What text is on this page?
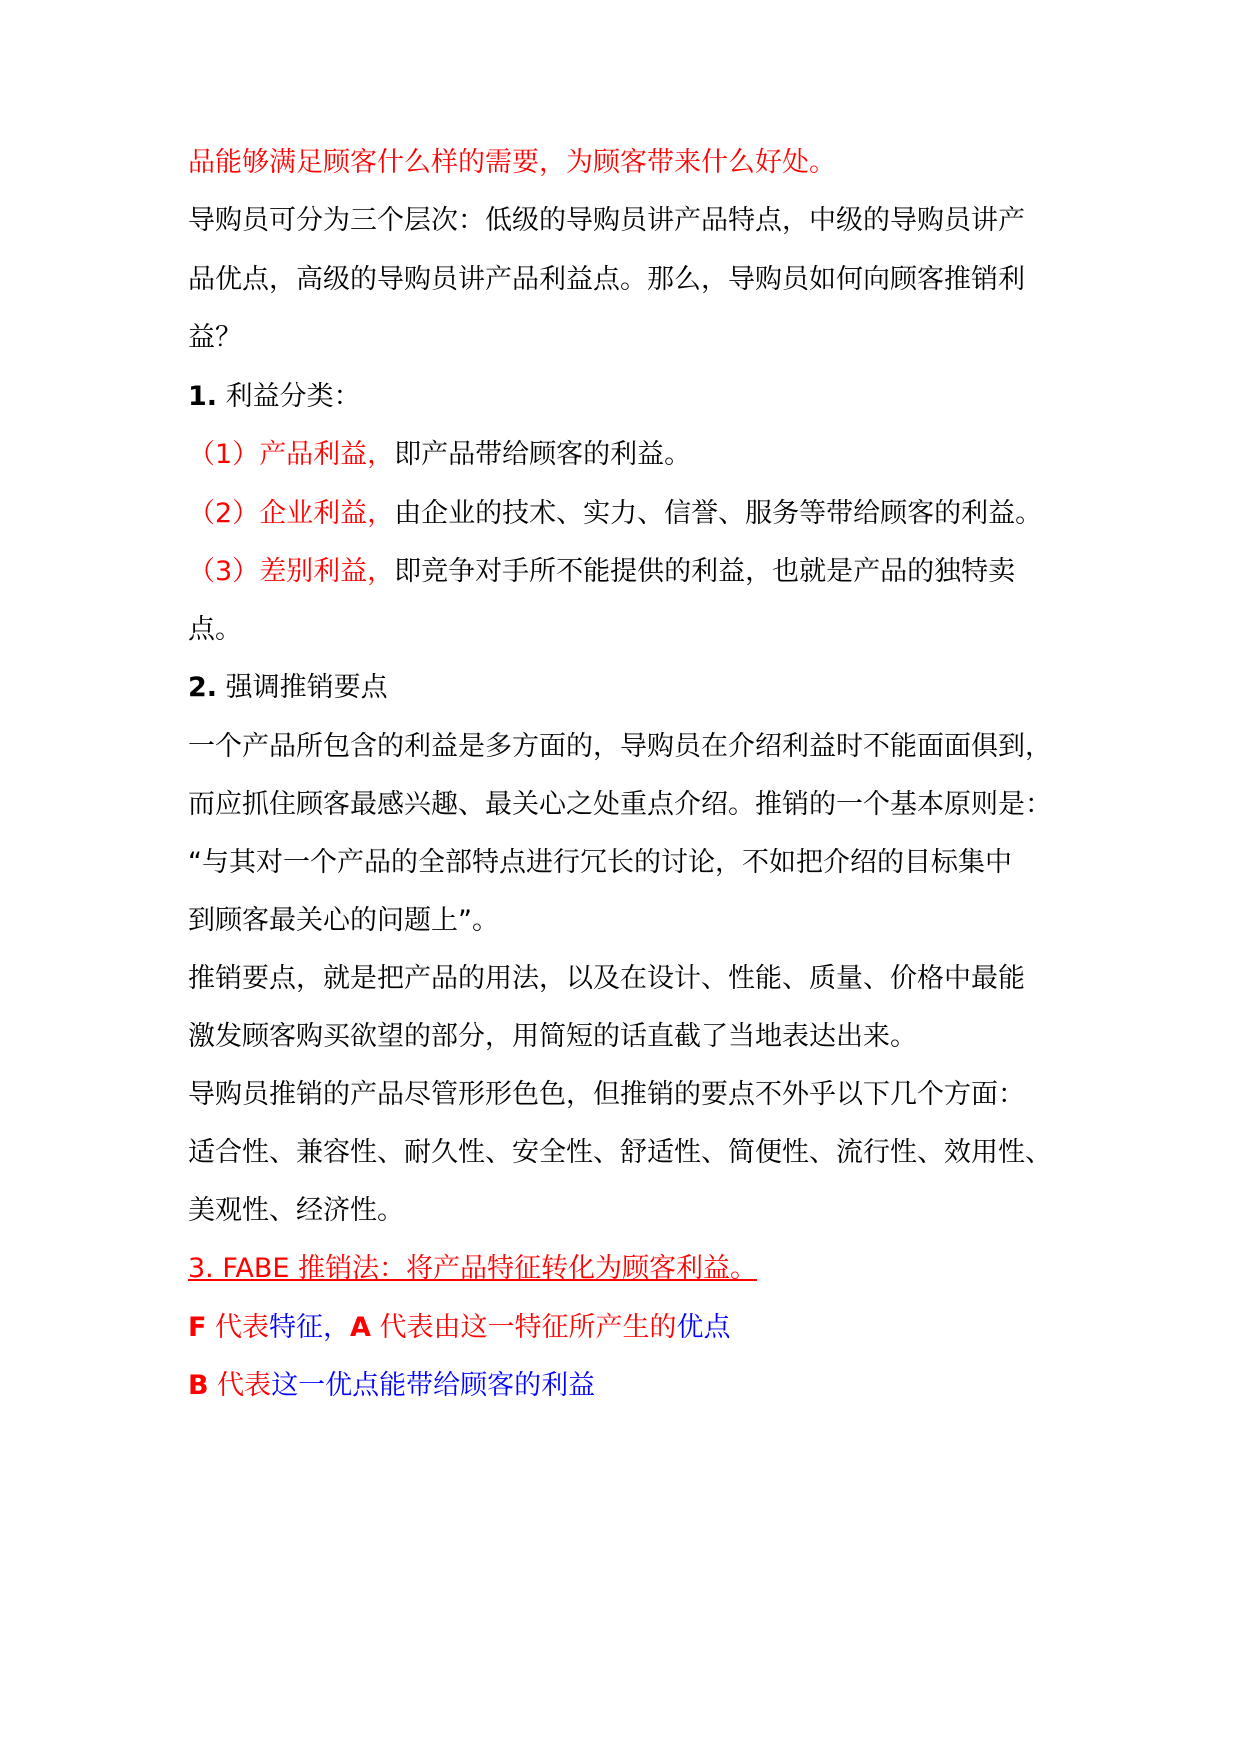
品能够满足顾客什么样的需要，为顾客带来什么好处。
导购员可分为三个层次：低级的导购员讲产品特点，中级的导购员讲产
品优点，高级的导购员讲产品利益点。那么，导购员如何向顾客推销利
益？
1. 利益分类：
（1）产品利益，即产品带给顾客的利益。
（2）企业利益，由企业的技术、实力、信誉、服务等带给顾客的利益。
（3）差别利益，即竞争对手所不能提供的利益，也就是产品的独特卖
点。
2. 强调推销要点
一个产品所包含的利益是多方面的，导购员在介绍利益时不能面面俱到，
而应抓住顾客最感兴趣、最关心之处重点介绍。推销的一个基本原则是：
“与其对一个产品的全部特点进行冗长的讨论，不如把介绍的目标集中
到顾客最关心的问题上”。
推销要点，就是把产品的用法，以及在设计、性能、质量、价格中最能
激发顾客购买欲望的部分，用简短的话直截了当地表达出来。
导购员推销的产品尽管形形色色，但推销的要点不外乎以下几个方面：
适合性、兼容性、耐久性、安全性、舒适性、简便性、流行性、效用性、
美观性、经济性。
3. FABE 推销法：将产品特征转化为顾客利益。
F 代表特征，A 代表由这一特征所产生的优点
B 代表这一优点能带给顾客的利益
